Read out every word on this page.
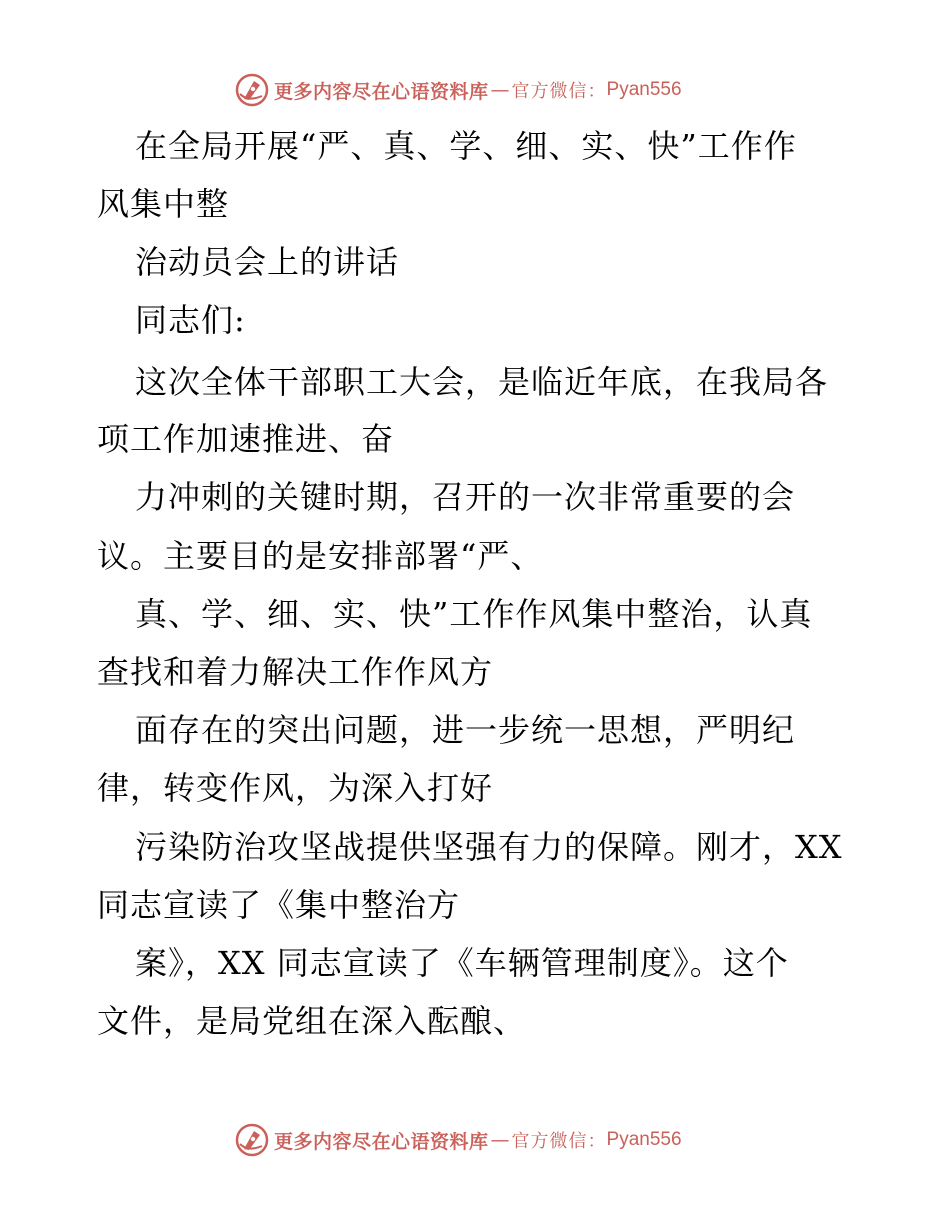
更多内容尽在心语资料库 — 官方微信： Pyan556
在全局开展“严、真、学、细、实、快”工作作
风集中整
治动员会上的讲话
同志们:
这次全体干部职工大会，是临近年底，在我局各
项工作加速推进、奋
力冲刺的关键时期，召开的一次非常重要的会
议。主要目的是安排部署“严、
真、学、细、实、快”工作作风集中整治，认真
查找和着力解决工作作风方
面存在的突出问题，进一步统一思想，严明纪
律，转变作风，为深入打好
污染防治攻坚战提供坚强有力的保障。刚才，XX
同志宣读了《集中整治方
案》，XX 同志宣读了《车辆管理制度》。这个
文件，是局党组在深入酝酿、
更多内容尽在心语资料库 — 官方微信： Pyan556
